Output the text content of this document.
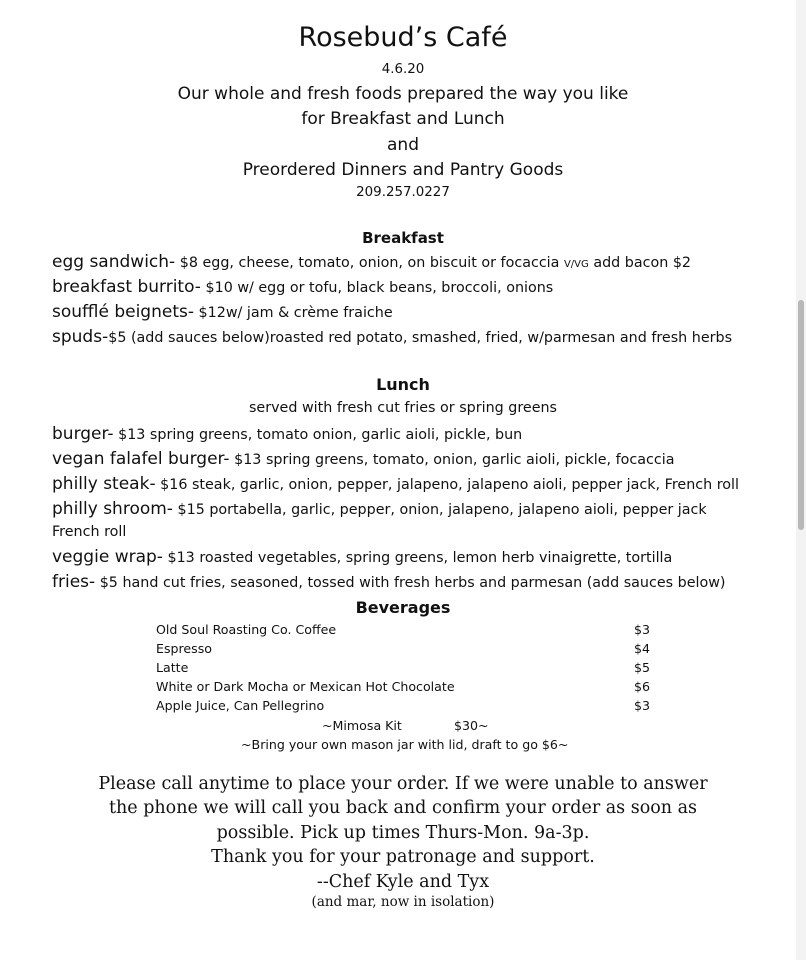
Rosebud’s Café
4.6.20
Our whole and fresh foods prepared the way you like
for Breakfast and Lunch
and
Preordered Dinners and Pantry Goods
209.257.0227
Breakfast
egg sandwich- $8 egg, cheese, tomato, onion, on biscuit or focaccia V/VG add bacon $2
breakfast burrito- $10 w/ egg or tofu, black beans, broccoli, onions
soufflé beignets- $12w/ jam & crème fraiche
spuds-$5 (add sauces below)roasted red potato, smashed, fried, w/parmesan and fresh herbs
Lunch
served with fresh cut fries or spring greens
burger- $13 spring greens, tomato onion, garlic aioli, pickle, bun
vegan falafel burger- $13 spring greens, tomato, onion, garlic aioli, pickle, focaccia
philly steak- $16 steak, garlic, onion, pepper, jalapeno, jalapeno aioli, pepper jack, French roll
philly shroom- $15 portabella, garlic, pepper, onion, jalapeno, jalapeno aioli, pepper jack
French roll
veggie wrap- $13 roasted vegetables, spring greens, lemon herb vinaigrette, tortilla
fries- $5 hand cut fries, seasoned, tossed with fresh herbs and parmesan (add sauces below)
Beverages
Old Soul Roasting Co. Coffee	$3
Espresso	$4
Latte	$5
White or Dark Mocha or Mexican Hot Chocolate	$6
Apple Juice, Can Pellegrino	$3
~Mimosa Kit	$30~
~Bring your own mason jar with lid, draft to go $6~
Please call anytime to place your order. If we were unable to answer
the phone we will call you back and confirm your order as soon as
possible. Pick up times Thurs-Mon. 9a-3p.
Thank you for your patronage and support.
--Chef Kyle and Tyx
(and mar, now in isolation)
